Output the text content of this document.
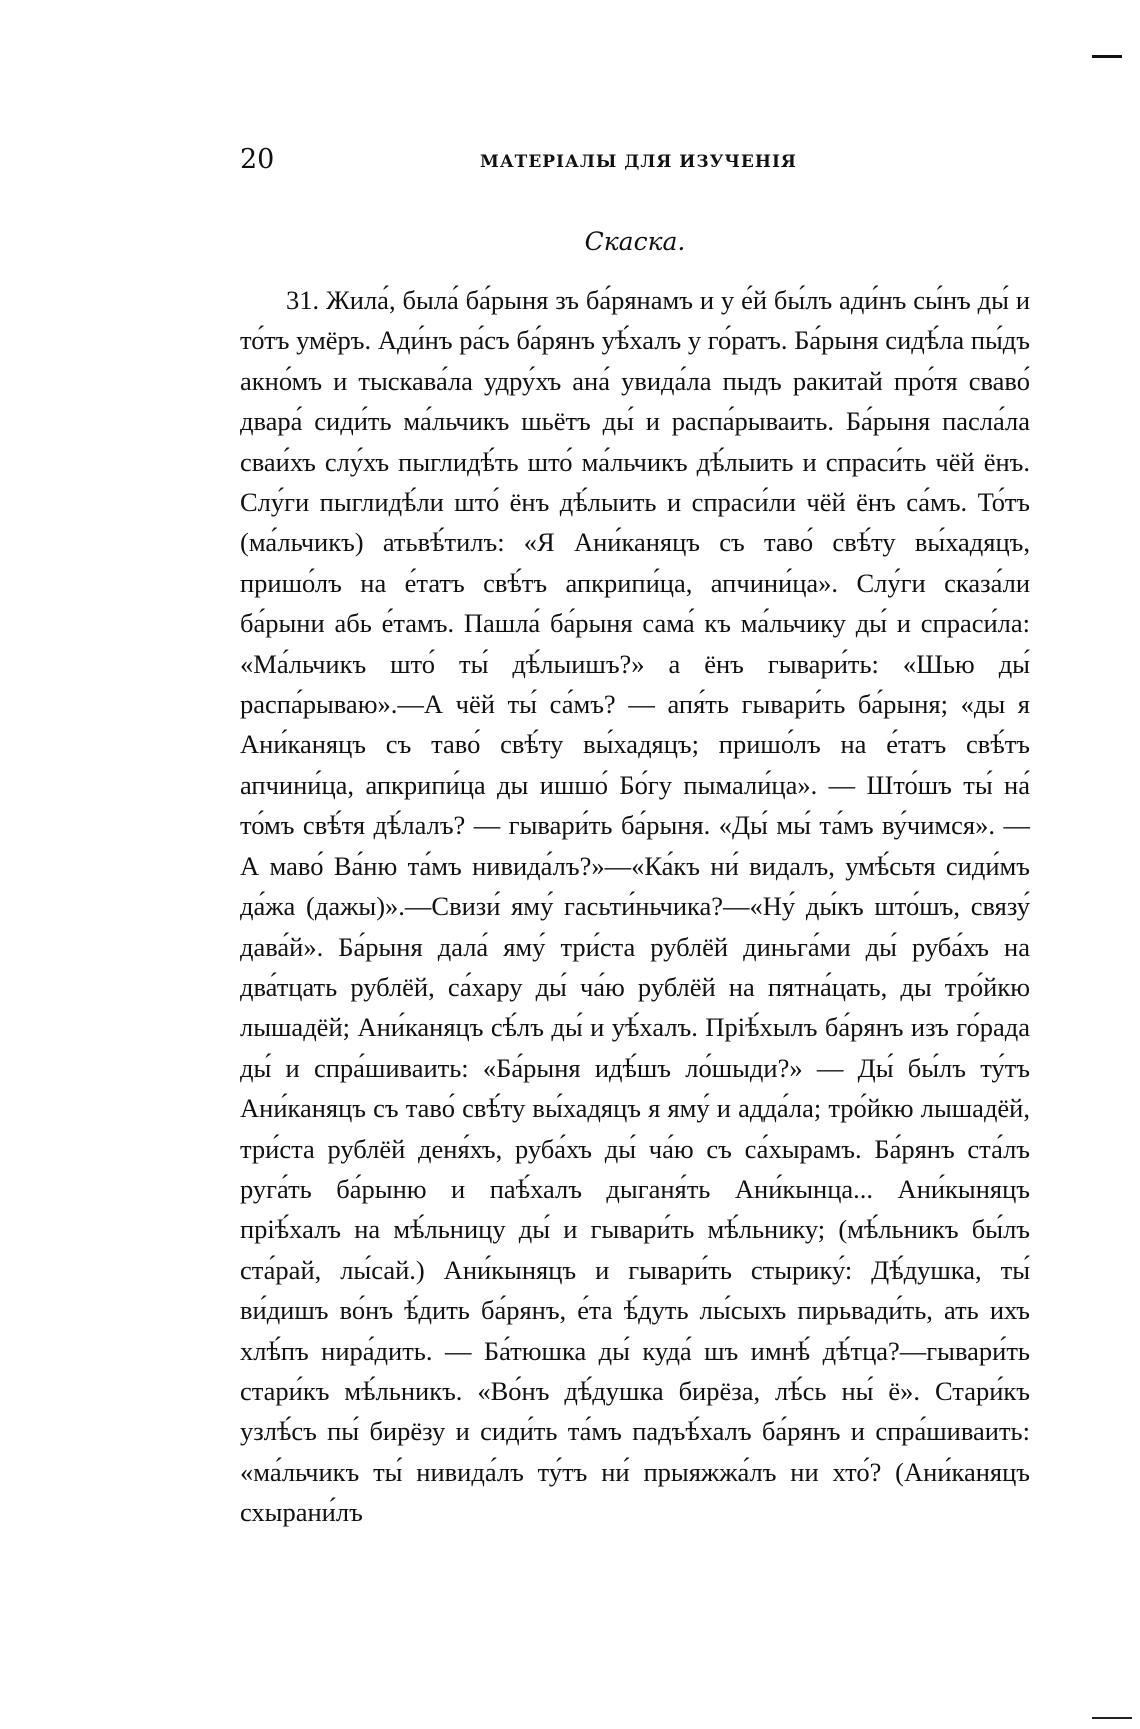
20	МАТЕРIАЛЫ ДЛЯ ИЗУЧЕНIЯ
Скаска.

31. Жила́, была́ ба́рыня зъ ба́рянамъ и у е́й бы́лъ ади́нъ сы́нъ ды́ и то́тъ умёръ. Ади́нъ ра́съ ба́рянъ уѣ́халъ у го́ратъ. Ба́рыня сидѣ́ла пы́дъ акно́мъ и тыскава́ла удру́хъ ана́ увида́ла пыдъ ракитай про́тя сваво́ двара́ сиди́ть ма́льчикъ шьётъ ды́ и распа́рываить. Ба́рыня пасла́ла сваи́хъ слу́хъ пыглидѣ́ть што́ ма́льчикъ дѣ́лыить и спраси́ть чёй ёнъ. Слу́ги пыглидѣ́ли што́ ёнъ дѣ́лыить и спраси́ли чёй ёнъ са́мъ. То́тъ (ма́льчикъ) атьвѣ́тилъ: «Я Ани́каняцъ съ таво́ свѣ́ту вы́хадяцъ, пришо́лъ на е́татъ свѣ́тъ апкрипи́ца, апчини́ца». Слу́ги сказа́ли ба́рыни абь е́тамъ. Пашла́ ба́рыня сама́ къ ма́льчику ды́ и спраси́ла: «Ма́льчикъ што́ ты́ дѣ́лыишъ?» а ёнъ гывари́ть: «Шью ды́ распа́рываю».—А чёй ты́ са́мъ? — апя́ть гывари́ть ба́рыня; «ды я Ани́каняцъ съ таво́ свѣ́ту вы́хадяцъ; пришо́лъ на е́татъ свѣ́тъ апчини́ца, апкрипи́ца ды ишшо́ Бо́гу пымали́ца». — Што́шъ ты́ на́ то́мъ свѣ́тя дѣ́лалъ? — гывари́ть ба́рыня. «Ды́ мы́ та́мъ ву́чимся». — А маво́ Ва́ню та́мъ нивида́лъ?»—«Ка́къ ни́ видалъ, умѣ́сьтя сиди́мъ да́жа (дажы)».—Свизи́ яму́ гасьти́ньчика?—«Ну́ ды́къ што́шъ, связу́ дава́й». Ба́рыня дала́ яму́ три́ста рублёй диньга́ми ды́ руба́хъ на два́тцать рублёй, са́хару ды́ ча́ю рублёй на пятна́цать, ды тро́йкю лышадёй; Ани́каняцъ сѣ́лъ ды́ и уѣ́халъ. Прiѣ́хылъ ба́рянъ изъ го́рада ды́ и спра́шиваить: «Ба́рыня идѣ́шъ ло́шыди?» — Ды́ бы́лъ ту́тъ Ани́каняцъ съ таво́ свѣ́ту вы́хадяцъ я яму́ и адда́ла; тро́йкю лышадёй, три́ста рублёй деня́хъ, руба́хъ ды́ ча́ю съ са́хырамъ. Ба́рянъ ста́лъ руга́ть ба́рыню и паѣ́халъ дыганя́ть Ани́кынца... Ани́кыняцъ прiѣ́халъ на мѣ́льницу ды́ и гывари́ть мѣ́льнику; (мѣ́льникъ бы́лъ ста́рай, лы́сай.) Ани́кыняцъ и гывари́ть стырику́: Дѣ́душка, ты́ ви́дишъ во́нъ ѣ́дить ба́рянъ, е́та ѣ́дуть лы́сыхъ пирьвади́ть, ать ихъ хлѣ́пъ нира́дить. — Ба́тюшка ды́ куда́ шъ имнѣ́ дѣ́тца?—гывари́ть стари́къ мѣ́льникъ. «Во́нъ дѣ́душка бирёза, лѣ́сь ны́ ё». Стари́къ узлѣ́съ пы́ бирёзу и сиди́ть та́мъ падъѣ́халъ ба́рянъ и спра́шиваить: «ма́льчикъ ты́ нивида́лъ ту́тъ ни́ прыяжжа́лъ ни хто́? (Ани́каняцъ схырани́лъ
